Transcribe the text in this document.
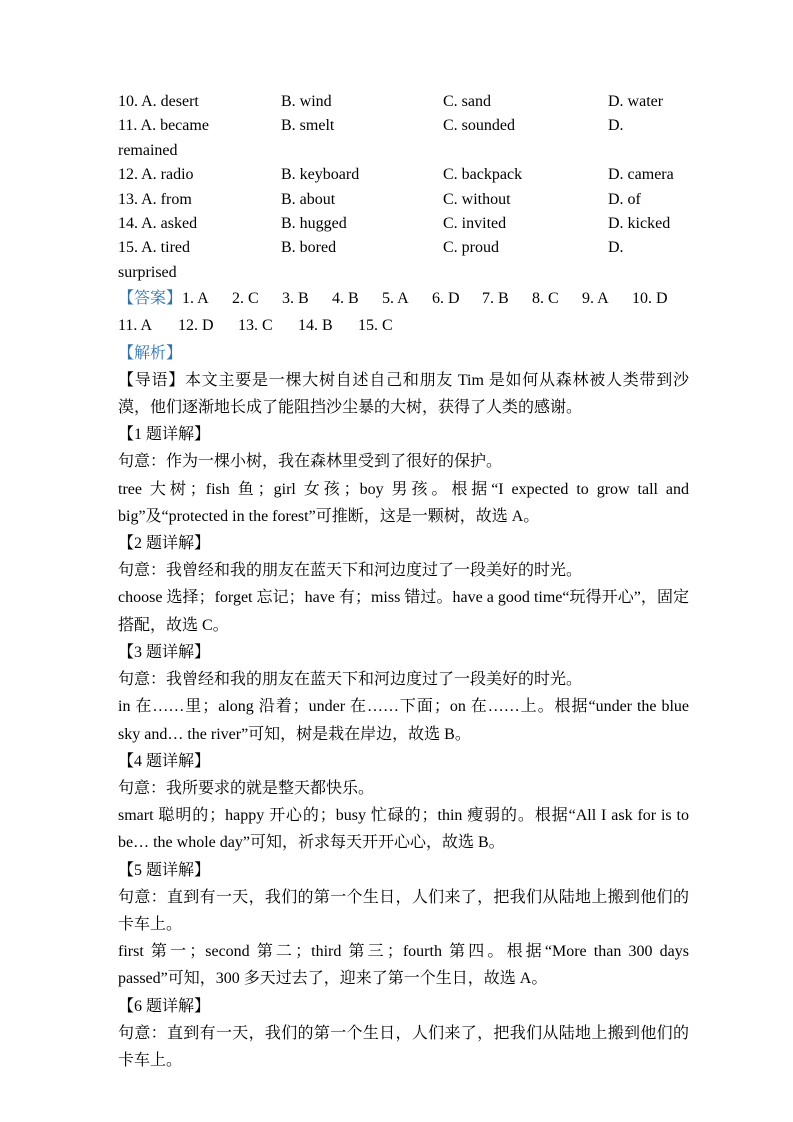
10. A. desert	B. wind	C. sand	D. water
11. A. became	B. smelt	C. sounded	D.
remained
12. A. radio	B. keyboard	C. backpack	D. camera
13. A. from	B. about	C. without	D. of
14. A. asked	B. hugged	C. invited	D. kicked
15. A. tired	B. bored	C. proud	D.
surprised

【答案】1. A 2. C 3. B 4. B 5. A 6. D 7. B 8. C 9. A 10. D

11. A 12. D 13. C 14. B 15. C

【解析】

【导语】本文主要是一棵大树自述自己和朋友 Tim 是如何从森林被人类带到沙漠，他们逐渐地长成了能阻挡沙尘暴的大树，获得了人类的感谢。

【1 题详解】

句意：作为一棵小树，我在森林里受到了很好的保护。

tree 大树；fish 鱼；girl 女孩；boy 男孩。根据“I expected to grow tall and big”及“protected in the forest”可推断，这是一颗树，故选 A。

【2 题详解】

句意：我曾经和我的朋友在蓝天下和河边度过了一段美好的时光。

choose 选择；forget 忘记；have 有；miss 错过。have a good time“玩得开心”，固定搭配，故选 C。

【3 题详解】

句意：我曾经和我的朋友在蓝天下和河边度过了一段美好的时光。

in 在……里；along 沿着；under 在……下面；on 在……上。根据“under the blue sky and… the river”可知，树是栽在岸边，故选 B。

【4 题详解】

句意：我所要求的就是整天都快乐。

smart 聪明的；happy 开心的；busy 忙碌的；thin 瘦弱的。根据“All I ask for is to be… the whole day”可知，祈求每天开开心心，故选 B。

【5 题详解】

句意：直到有一天，我们的第一个生日，人们来了，把我们从陆地上搬到他们的卡车上。

first 第一；second 第二；third 第三；fourth 第四。根据“More than 300 days passed”可知，300 多天过去了，迎来了第一个生日，故选 A。

【6 题详解】

句意：直到有一天，我们的第一个生日，人们来了，把我们从陆地上搬到他们的卡车上。
